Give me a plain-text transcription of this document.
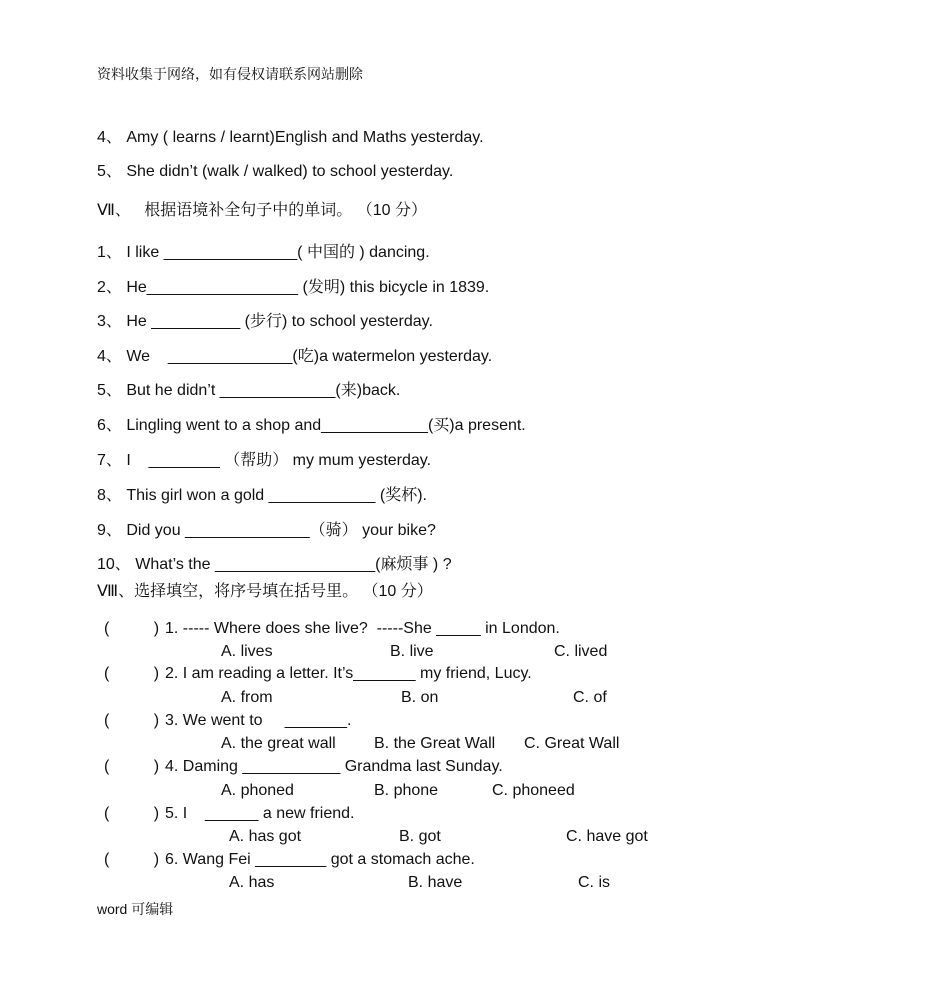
资料收集于网络，如有侵权请联系网站删除
4、 Amy ( learns / learnt)English and Maths yesterday.
5、 She didn’t (walk / walked) to school yesterday.
Ⅶ、   根据语境补全句子中的单词。 （10 分）
1、 I like _______________( 中国的 ) dancing.
2、 He_________________ (发明) this bicycle in 1839.
3、 He __________ (步行) to school yesterday.
4、 We    ______________(吃)a watermelon yesterday.
5、 But he didn’t _____________(来)back.
6、 Lingling went to a shop and____________(买)a present.
7、 I    ________ （帮助） my mum yesterday.
8、 This girl won a gold ____________ (奖杯).
9、 Did you ______________（骑） your bike?
10、 What’s the __________________(麻烦事 ) ?
Ⅷ、选择填空，将序号填在括号里。 （10 分）
(          ) 1. ----- Where does she live?  -----She _____ in London.
A. lives	B. live	C. lived
(          ) 2. I am reading a letter. It’s_______ my friend, Lucy.
A. from	B. on	C. of
(          ) 3. We went to     _______.
A. the great wall B. the Great Wall C. Great Wall
(          ) 4. Daming ___________ Grandma last Sunday.
A. phoned	B. phone	C. phoneed
(          ) 5. I    ______ a new friend.
A. has got	B. got	C. have got
(          ) 6. Wang Fei ________ got a stomach ache.
A. has	B. have	C. is
word 可编辑
